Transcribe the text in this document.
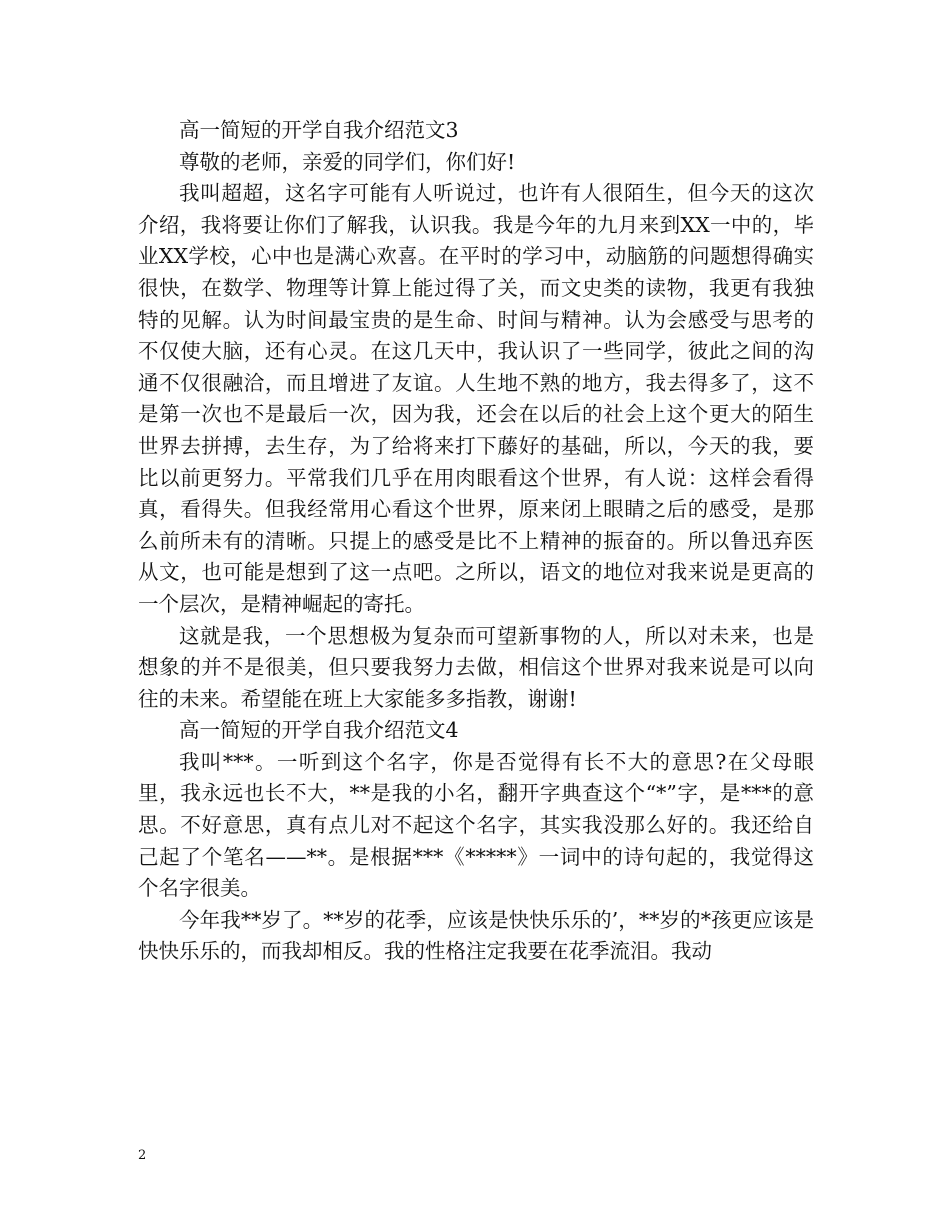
高一简短的开学自我介绍范文3

尊敬的老师，亲爱的同学们，你们好!

我叫超超，这名字可能有人听说过，也许有人很陌生，但今天的这次介绍，我将要让你们了解我，认识我。我是今年的九月来到XX一中的，毕业XX学校，心中也是满心欢喜。在平时的学习中，动脑筋的问题想得确实很快，在数学、物理等计算上能过得了关，而文史类的读物，我更有我独特的见解。认为时间最宝贵的是生命、时间与精神。认为会感受与思考的不仅使大脑，还有心灵。在这几天中，我认识了一些同学，彼此之间的沟通不仅很融洽，而且增进了友谊。人生地不熟的地方，我去得多了，这不是第一次也不是最后一次，因为我，还会在以后的社会上这个更大的陌生世界去拼搏，去生存，为了给将来打下藤好的基础，所以，今天的我，要比以前更努力。平常我们几乎在用肉眼看这个世界，有人说：这样会看得真，看得失。但我经常用心看这个世界，原来闭上眼睛之后的感受，是那么前所未有的清晰。只提上的感受是比不上精神的振奋的。所以鲁迅弃医从文，也可能是想到了这一点吧。之所以，语文的地位对我来说是更高的一个层次，是精神崛起的寄托。

这就是我，一个思想极为复杂而可望新事物的人，所以对未来，也是想象的并不是很美，但只要我努力去做，相信这个世界对我来说是可以向往的未来。希望能在班上大家能多多指教，谢谢!

高一简短的开学自我介绍范文4

我叫***。一听到这个名字，你是否觉得有长不大的意思?在父母眼里，我永远也长不大，**是我的小名，翻开字典查这个“*”字，是***的意思。不好意思，真有点儿对不起这个名字，其实我没那么好的。我还给自己起了个笔名——**。是根据***《*****》一词中的诗句起的，我觉得这个名字很美。

今年我**岁了。**岁的花季，应该是快快乐乐的’，**岁的*孩更应该是快快乐乐的，而我却相反。我的性格注定我要在花季流泪。我动

2
